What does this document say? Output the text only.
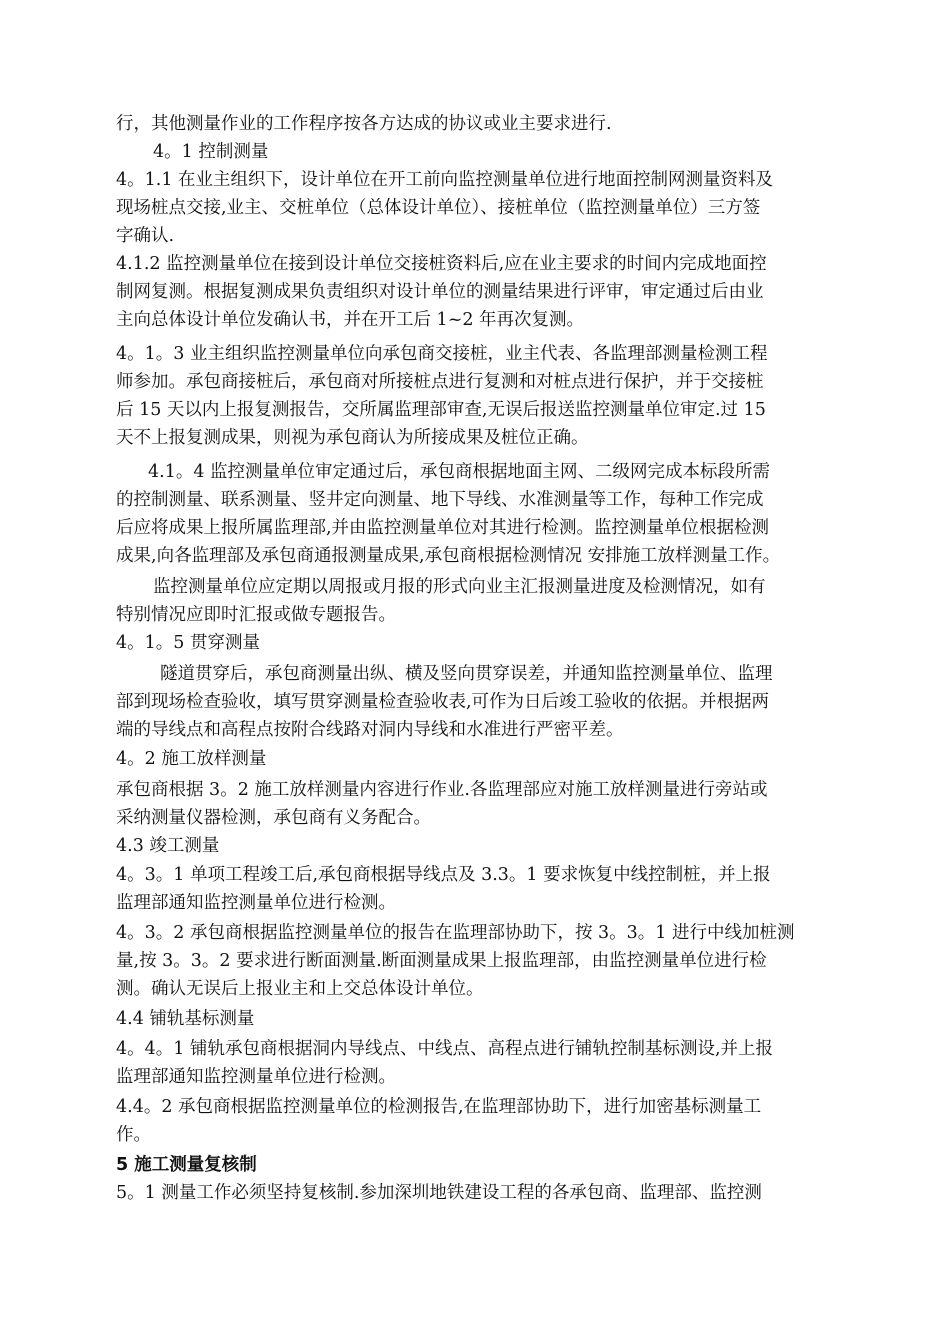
行，其他测量作业的工作程序按各方达成的协议或业主要求进行.
4。1 控制测量
4。1.1 在业主组织下，设计单位在开工前向监控测量单位进行地面控制网测量资料及
现场桩点交接,业主、交桩单位（总体设计单位）、接桩单位（监控测量单位）三方签
字确认.
4.1.2 监控测量单位在接到设计单位交接桩资料后,应在业主要求的时间内完成地面控
制网复测。根据复测成果负责组织对设计单位的测量结果进行评审，审定通过后由业
主向总体设计单位发确认书，并在开工后 1~2 年再次复测。
4。1。3 业主组织监控测量单位向承包商交接桩，业主代表、各监理部测量检测工程
师参加。承包商接桩后，承包商对所接桩点进行复测和对桩点进行保护，并于交接桩
后 15 天以内上报复测报告，交所属监理部审查,无误后报送监控测量单位审定.过 15
天不上报复测成果，则视为承包商认为所接成果及桩位正确。
4.1。4 监控测量单位审定通过后，承包商根据地面主网、二级网完成本标段所需
的控制测量、联系测量、竖井定向测量、地下导线、水准测量等工作，每种工作完成
后应将成果上报所属监理部,并由监控测量单位对其进行检测。监控测量单位根据检测
成果,向各监理部及承包商通报测量成果,承包商根据检测情况 安排施工放样测量工作。
监控测量单位应定期以周报或月报的形式向业主汇报测量进度及检测情况，如有
特别情况应即时汇报或做专题报告。
4。1。5 贯穿测量
隧道贯穿后，承包商测量出纵、横及竖向贯穿误差，并通知监控测量单位、监理
部到现场检查验收，填写贯穿测量检查验收表,可作为日后竣工验收的依据。并根据两
端的导线点和高程点按附合线路对洞内导线和水准进行严密平差。
4。2 施工放样测量
承包商根据 3。2 施工放样测量内容进行作业.各监理部应对施工放样测量进行旁站或
采纳测量仪器检测，承包商有义务配合。
4.3 竣工测量
4。3。1 单项工程竣工后,承包商根据导线点及 3.3。1 要求恢复中线控制桩，并上报
监理部通知监控测量单位进行检测。
4。3。2 承包商根据监控测量单位的报告在监理部协助下，按 3。3。1 进行中线加桩测
量,按 3。3。2 要求进行断面测量.断面测量成果上报监理部，由监控测量单位进行检
测。确认无误后上报业主和上交总体设计单位。
4.4 铺轨基标测量
4。4。1 铺轨承包商根据洞内导线点、中线点、高程点进行铺轨控制基标测设,并上报
监理部通知监控测量单位进行检测。
4.4。2 承包商根据监控测量单位的检测报告,在监理部协助下，进行加密基标测量工
作。
5 施工测量复核制
5。1 测量工作必须坚持复核制.参加深圳地铁建设工程的各承包商、监理部、监控测
